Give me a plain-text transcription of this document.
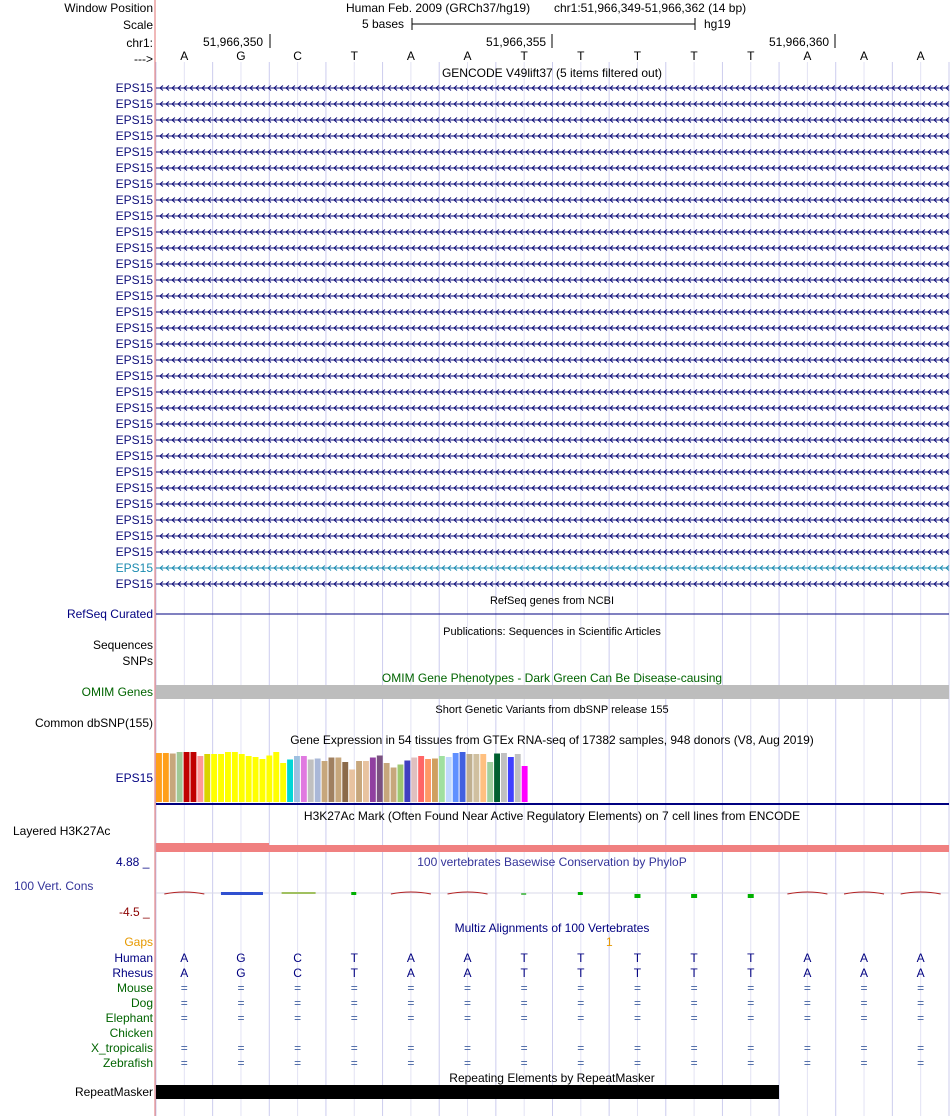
Window Position	Human Feb. 2009 (GRCh37/hg19) chr1:51,966,349-51,966,362 (14 bp)
Scale	5 bases	hg19
chr1:	51,966,350	51,966,355	51,966,360
---> A	G	C	T	A	A	T	T	T	T	T	A	A	A
GENCODE V49lift37 (5 items filtered out)
EPS15
EPS15
EPS15
EPS15
EPS15
EPS15
EPS15
EPS15
EPS15
EPS15
EPS15
EPS15
EPS15
EPS15
EPS15
EPS15
EPS15
EPS15
EPS15
EPS15
EPS15
EPS15
EPS15
EPS15
EPS15
EPS15
EPS15
EPS15
EPS15
EPS15
EPS15
EPS15
RefSeq genes from NCBI
RefSeq Curated
Publications: Sequences in Scientific Articles
Sequences
SNPs
OMIM Gene Phenotypes - Dark Green Can Be Disease-causing
OMIM Genes
Short Genetic Variants from dbSNP release 155
Common dbSNP(155)
Gene Expression in 54 tissues from GTEx RNA-seq of 17382 samples, 948 donors (V8, Aug 2019)
EPS15
H3K27Ac Mark (Often Found Near Active Regulatory Elements) on 7 cell lines from ENCODE
Layered H3K27Ac
4.88 _	100 vertebrates Basewise Conservation by PhyloP
100 Vert. Cons
-4.5 _
Multiz Alignments of 100 Vertebrates
Gaps	1
Human A	G	C	T	A	A	T	T	T	T	T	A	A	A
Rhesus A	G	C	T	A	A	T	T	T	T	T	A	A	A
Mouse =	=	=	=	=	=	=	=	=	=	=	=	=	=
Dog =	=	=	=	=	=	=	=	=	=	=	=	=	=
Elephant =	=	=	=	=	=	=	=	=	=	=	=	=	=
Chicken
X_tropicalis =	=	=	=	=	=	=	=	=	=	=	=	=	=
Zebrafish =	=	=	=	=	=	=	=	=	=	=	=	=	=
Repeating Elements by RepeatMasker
RepeatMasker
